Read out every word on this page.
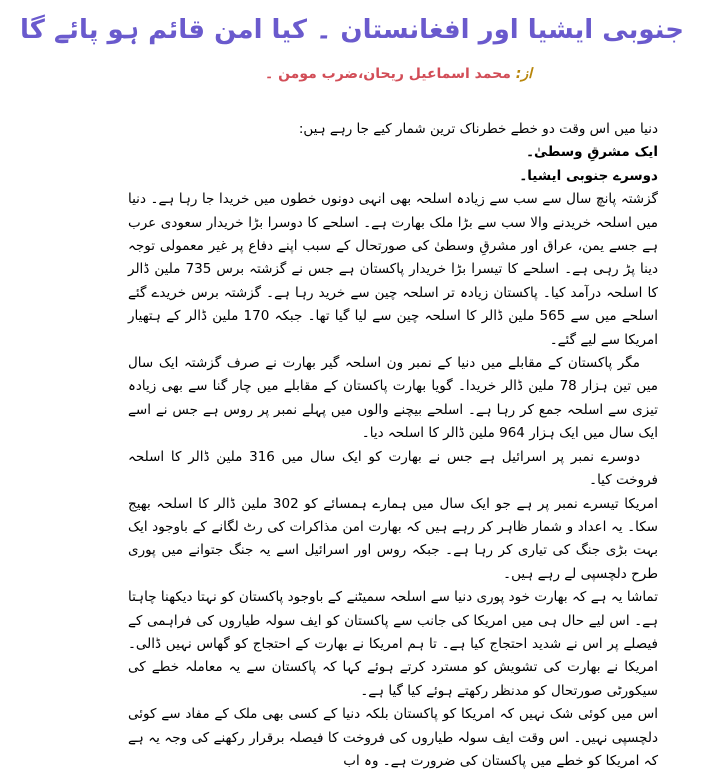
جنوبی ایشیا اور افغانستان ۔ کیا امن قائم ہو پائے گا
از: محمد اسماعیل ریحان،ضرب مومن ۔

دنیا میں اس وقت دو خطے خطرناک ترین شمار کیے جا رہے ہیں:

ایک مشرقِ وسطیٰ۔

دوسرے جنوبی ایشیا۔

گزشتہ پانچ سال سے سب سے زیادہ اسلحہ بھی انہی دونوں خطوں میں خریدا جا رہا ہے۔ دنیا میں اسلحہ خریدنے والا سب سے بڑا ملک بھارت ہے۔ اسلحے کا دوسرا بڑا خریدار سعودی عرب ہے جسے یمن، عراق اور مشرقِ وسطیٰ کی صورتحال کے سبب اپنے دفاع پر غیر معمولی توجہ دینا پڑ رہی ہے۔ اسلحے کا تیسرا بڑا خریدار پاکستان ہے جس نے گزشتہ برس 735 ملین ڈالر کا اسلحہ درآمد کیا۔ پاکستان زیادہ تر اسلحہ چین سے خرید رہا ہے۔ گزشتہ برس خریدے گئے اسلحے میں سے 565 ملین ڈالر کا اسلحہ چین سے لیا گیا تھا۔ جبکہ 170 ملین ڈالر کے ہتھیار امریکا سے لیے گئے۔

مگر پاکستان کے مقابلے میں دنیا کے نمبر ون اسلحہ گیر بھارت نے صرف گزشتہ ایک سال میں تین ہزار 78 ملین ڈالر خریدا۔ گویا بھارت پاکستان کے مقابلے میں چار گنا سے بھی زیادہ تیزی سے اسلحہ جمع کر رہا ہے۔ اسلحے بیچنے والوں میں پہلے نمبر پر روس ہے جس نے اسے ایک سال میں ایک ہزار 964 ملین ڈالر کا اسلحہ دیا۔

دوسرے نمبر پر اسرائیل ہے جس نے بھارت کو ایک سال میں 316 ملین ڈالر کا اسلحہ فروخت کیا۔

امریکا تیسرے نمبر پر ہے جو ایک سال میں ہمارے ہمسائے کو 302 ملین ڈالر کا اسلحہ بھیج سکا۔ یہ اعداد و شمار ظاہر کر رہے ہیں کہ بھارت امن مذاکرات کی رٹ لگانے کے باوجود ایک بہت بڑی جنگ کی تیاری کر رہا ہے۔ جبکہ روس اور اسرائیل اسے یہ جنگ جتوانے میں پوری طرح دلچسپی لے رہے ہیں۔

تماشا یہ ہے کہ بھارت خود پوری دنیا سے اسلحہ سمیٹنے کے باوجود پاکستان کو نہتا دیکھنا چاہتا ہے۔ اس لیے حال ہی میں امریکا کی جانب سے پاکستان کو ایف سولہ طیاروں کی فراہمی کے فیصلے پر اس نے شدید احتجاج کیا ہے۔ تا ہم امریکا نے بھارت کے احتجاج کو گھاس نہیں ڈالی۔ امریکا نے بھارت کی تشویش کو مسترد کرتے ہوئے کہا کہ پاکستان سے یہ معاملہ خطے کی سیکورٹی صورتحال کو مدنظر رکھتے ہوئے کیا گیا ہے۔

اس میں کوئی شک نہیں کہ امریکا کو پاکستان بلکہ دنیا کے کسی بھی ملک کے مفاد سے کوئی دلچسپی نہیں۔ اس وقت ایف سولہ طیاروں کی فروخت کا فیصلہ برقرار رکھنے کی وجہ یہ ہے کہ امریکا کو خطے میں پاکستان کی ضرورت ہے۔ وہ اب
